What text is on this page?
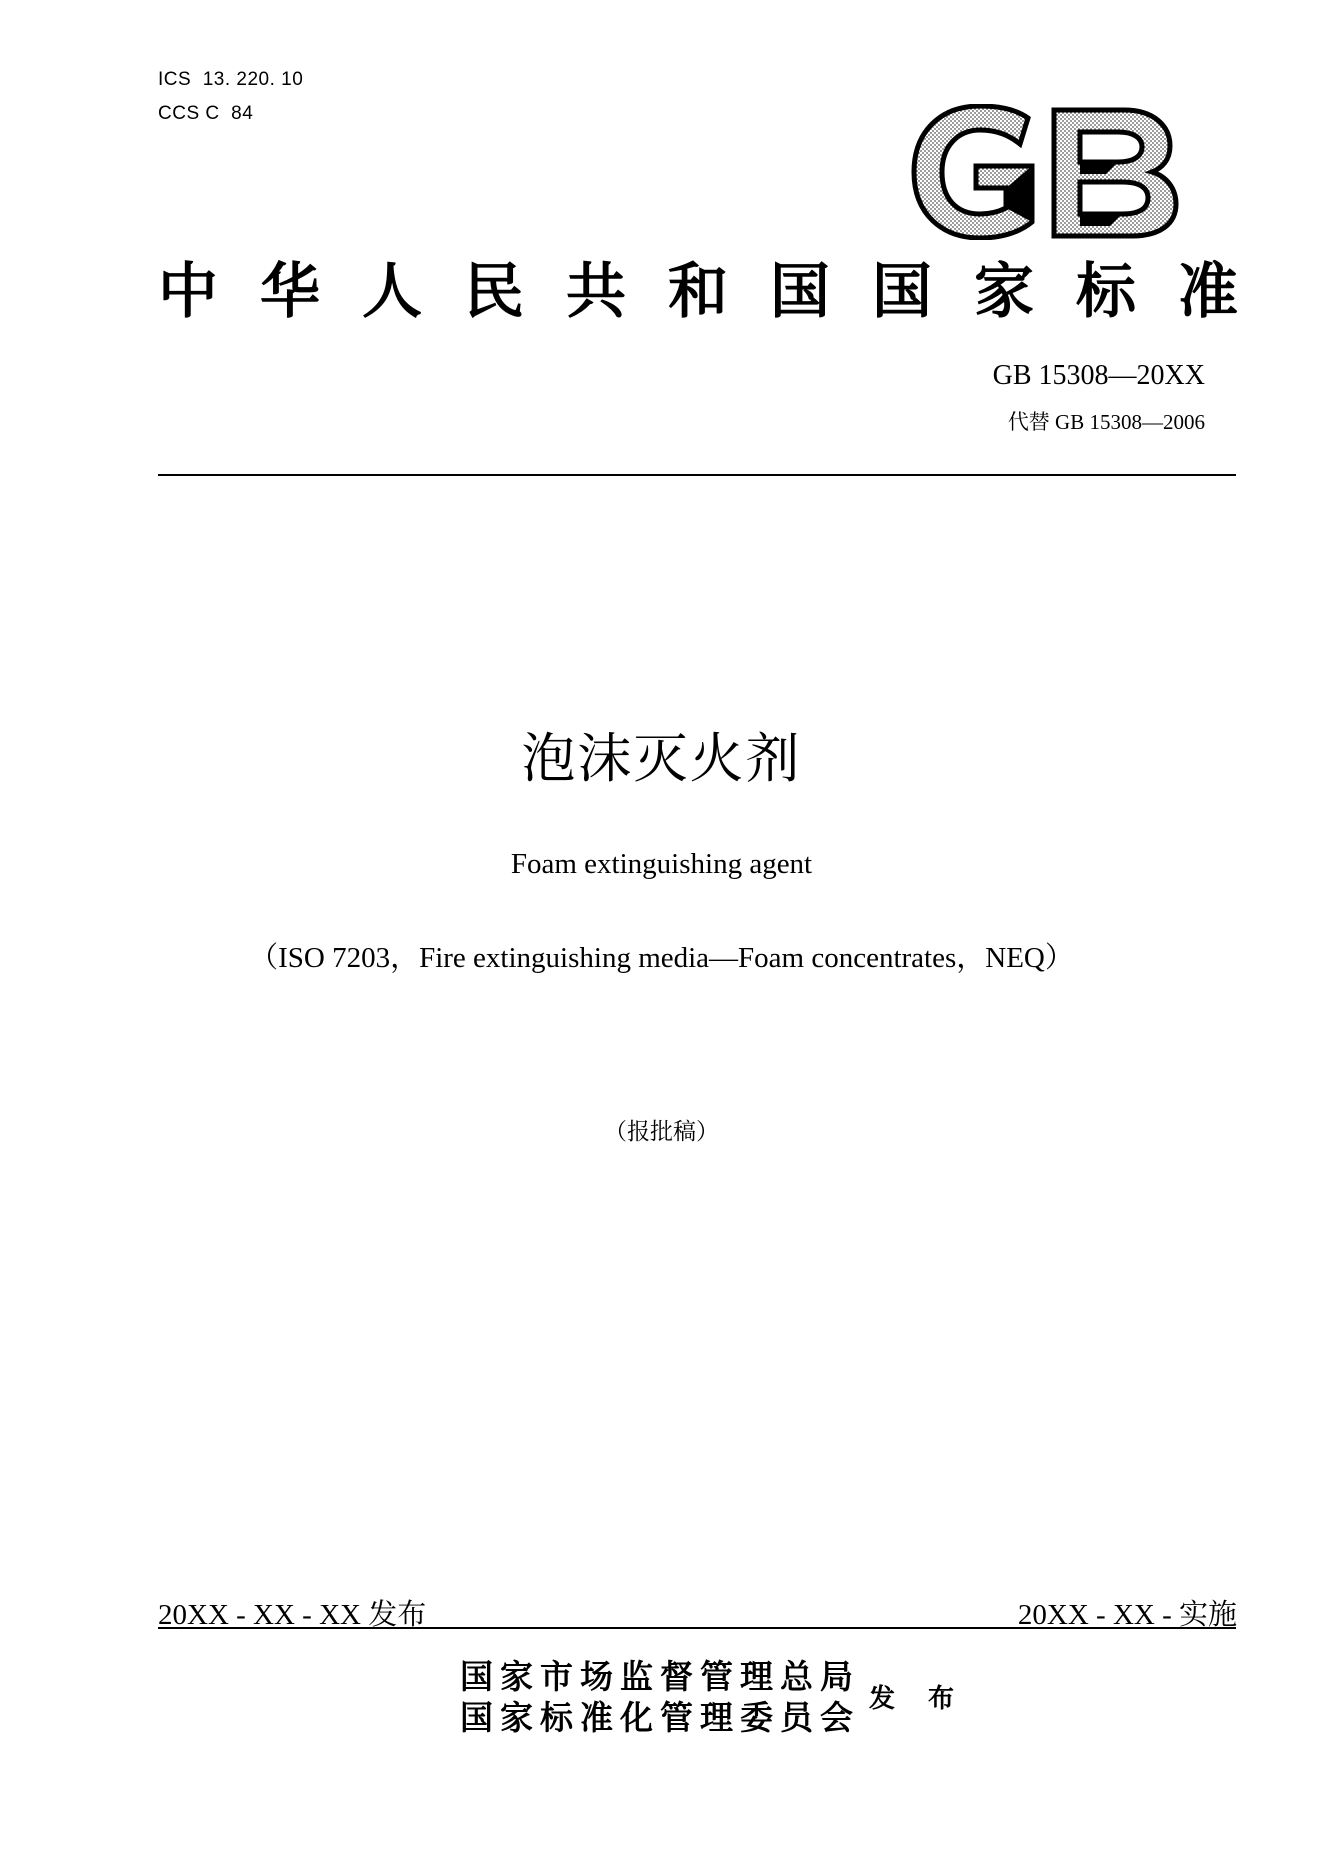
ICS  13. 220. 10
CCS C  84
中 华 人 民 共 和 国 国 家 标 准
GB 15308—20XX
代替 GB 15308—2006
泡沫灭火剂
Foam extinguishing agent
（ISO 7203，Fire extinguishing media—Foam concentrates，NEQ）
（报批稿）
20XX - XX - XX 发布	20XX - XX - 实施
国家市场监督管理总局
国家标准化管理委员会 发 布
